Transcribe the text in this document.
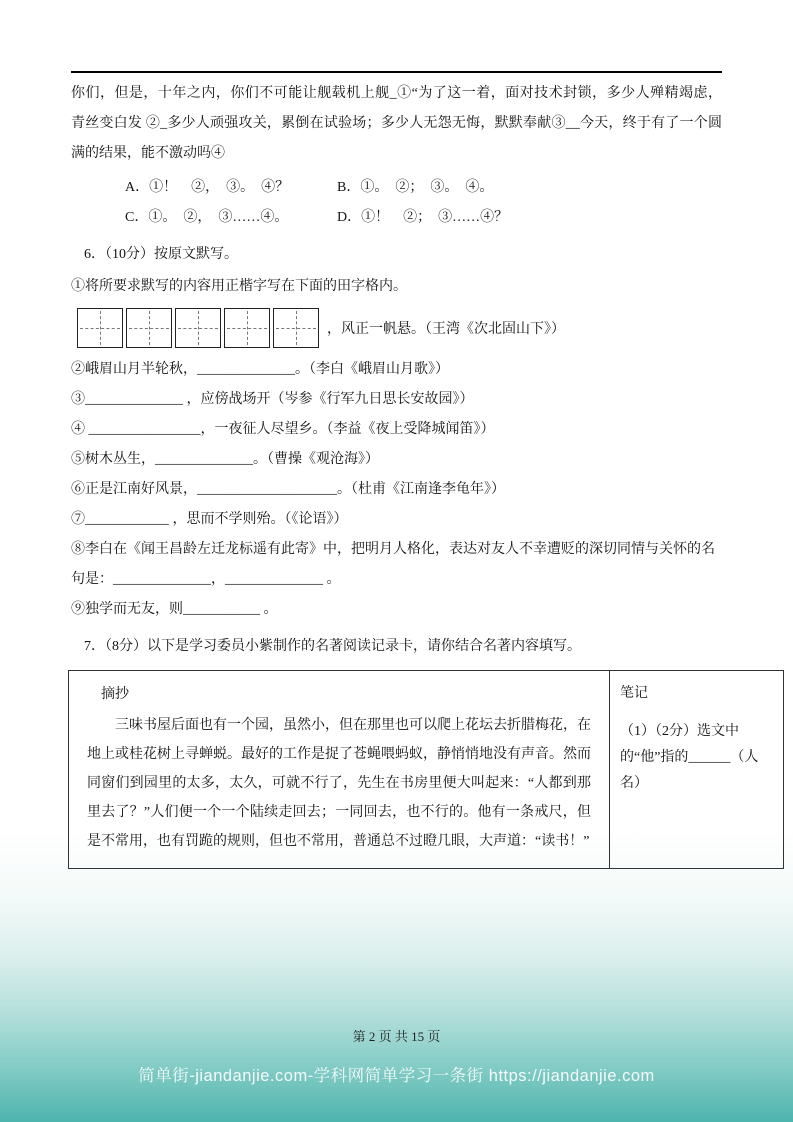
你们，但是，十年之内，你们不可能让舰载机上舰_①“为了这一着，面对技术封锁，多少人殚精竭虑，
青丝变白发 ②_多少人顽强攻关，累倒在试验场；多少人无怨无悔，默默奉献③__今天，终于有了一个圆
满的结果，能不激动吗④
A．①！　②，　③。　④？	B．①。　②；　③。　④。
C．①。　②，　③……④。	D．①！　②；　③……④？
6．（10分）按原文默写。
①将所要求默写的内容用正楷字写在下面的田字格内。
，风正一帆悬。（王湾《次北固山下》）
②峨眉山月半轮秋，______________。（李白《峨眉山月歌》）
③______________ ，应傍战场开（岑参《行军九日思长安故园》）
④ ________________，一夜征人尽望乡。（李益《夜上受降城闻笛》）
⑤树木丛生，______________。（曹操《观沧海》）
⑥正是江南好风景，____________________。（杜甫《江南逢李龟年》）
⑦____________ ，思而不学则殆。（《论语》）
⑧李白在《闻王昌龄左迁龙标遥有此寄》中，把明月人格化，表达对友人不幸遭贬的深切同情与关怀的名句是：______________，______________ 。
⑨独学而无友，则___________ 。
7．（8分）以下是学习委员小紫制作的名著阅读记录卡，请你结合名著内容填写。
摘抄

三味书屋后面也有一个园，虽然小，但在那里也可以爬上花坛去折腊梅花，在地上或桂花树上寻蝉蜕。最好的工作是捉了苍蝇喂蚂蚁，静悄悄地没有声音。然而同窗们到园里的太多，太久，可就不行了，先生在书房里便大叫起来：“人都到那里去了？”人们便一个一个陆续走回去；一同回去，也不行的。他有一条戒尺，但是不常用，也有罚跪的规则，但也不常用，普通总不过瞪几眼，大声道：“读书！”

笔记
（1）（2分）选文中的“他”指的______（人名）
第 2 页 共 15 页
简单街-jiandanjie.com-学科网简单学习一条街 https://jiandanjie.com
